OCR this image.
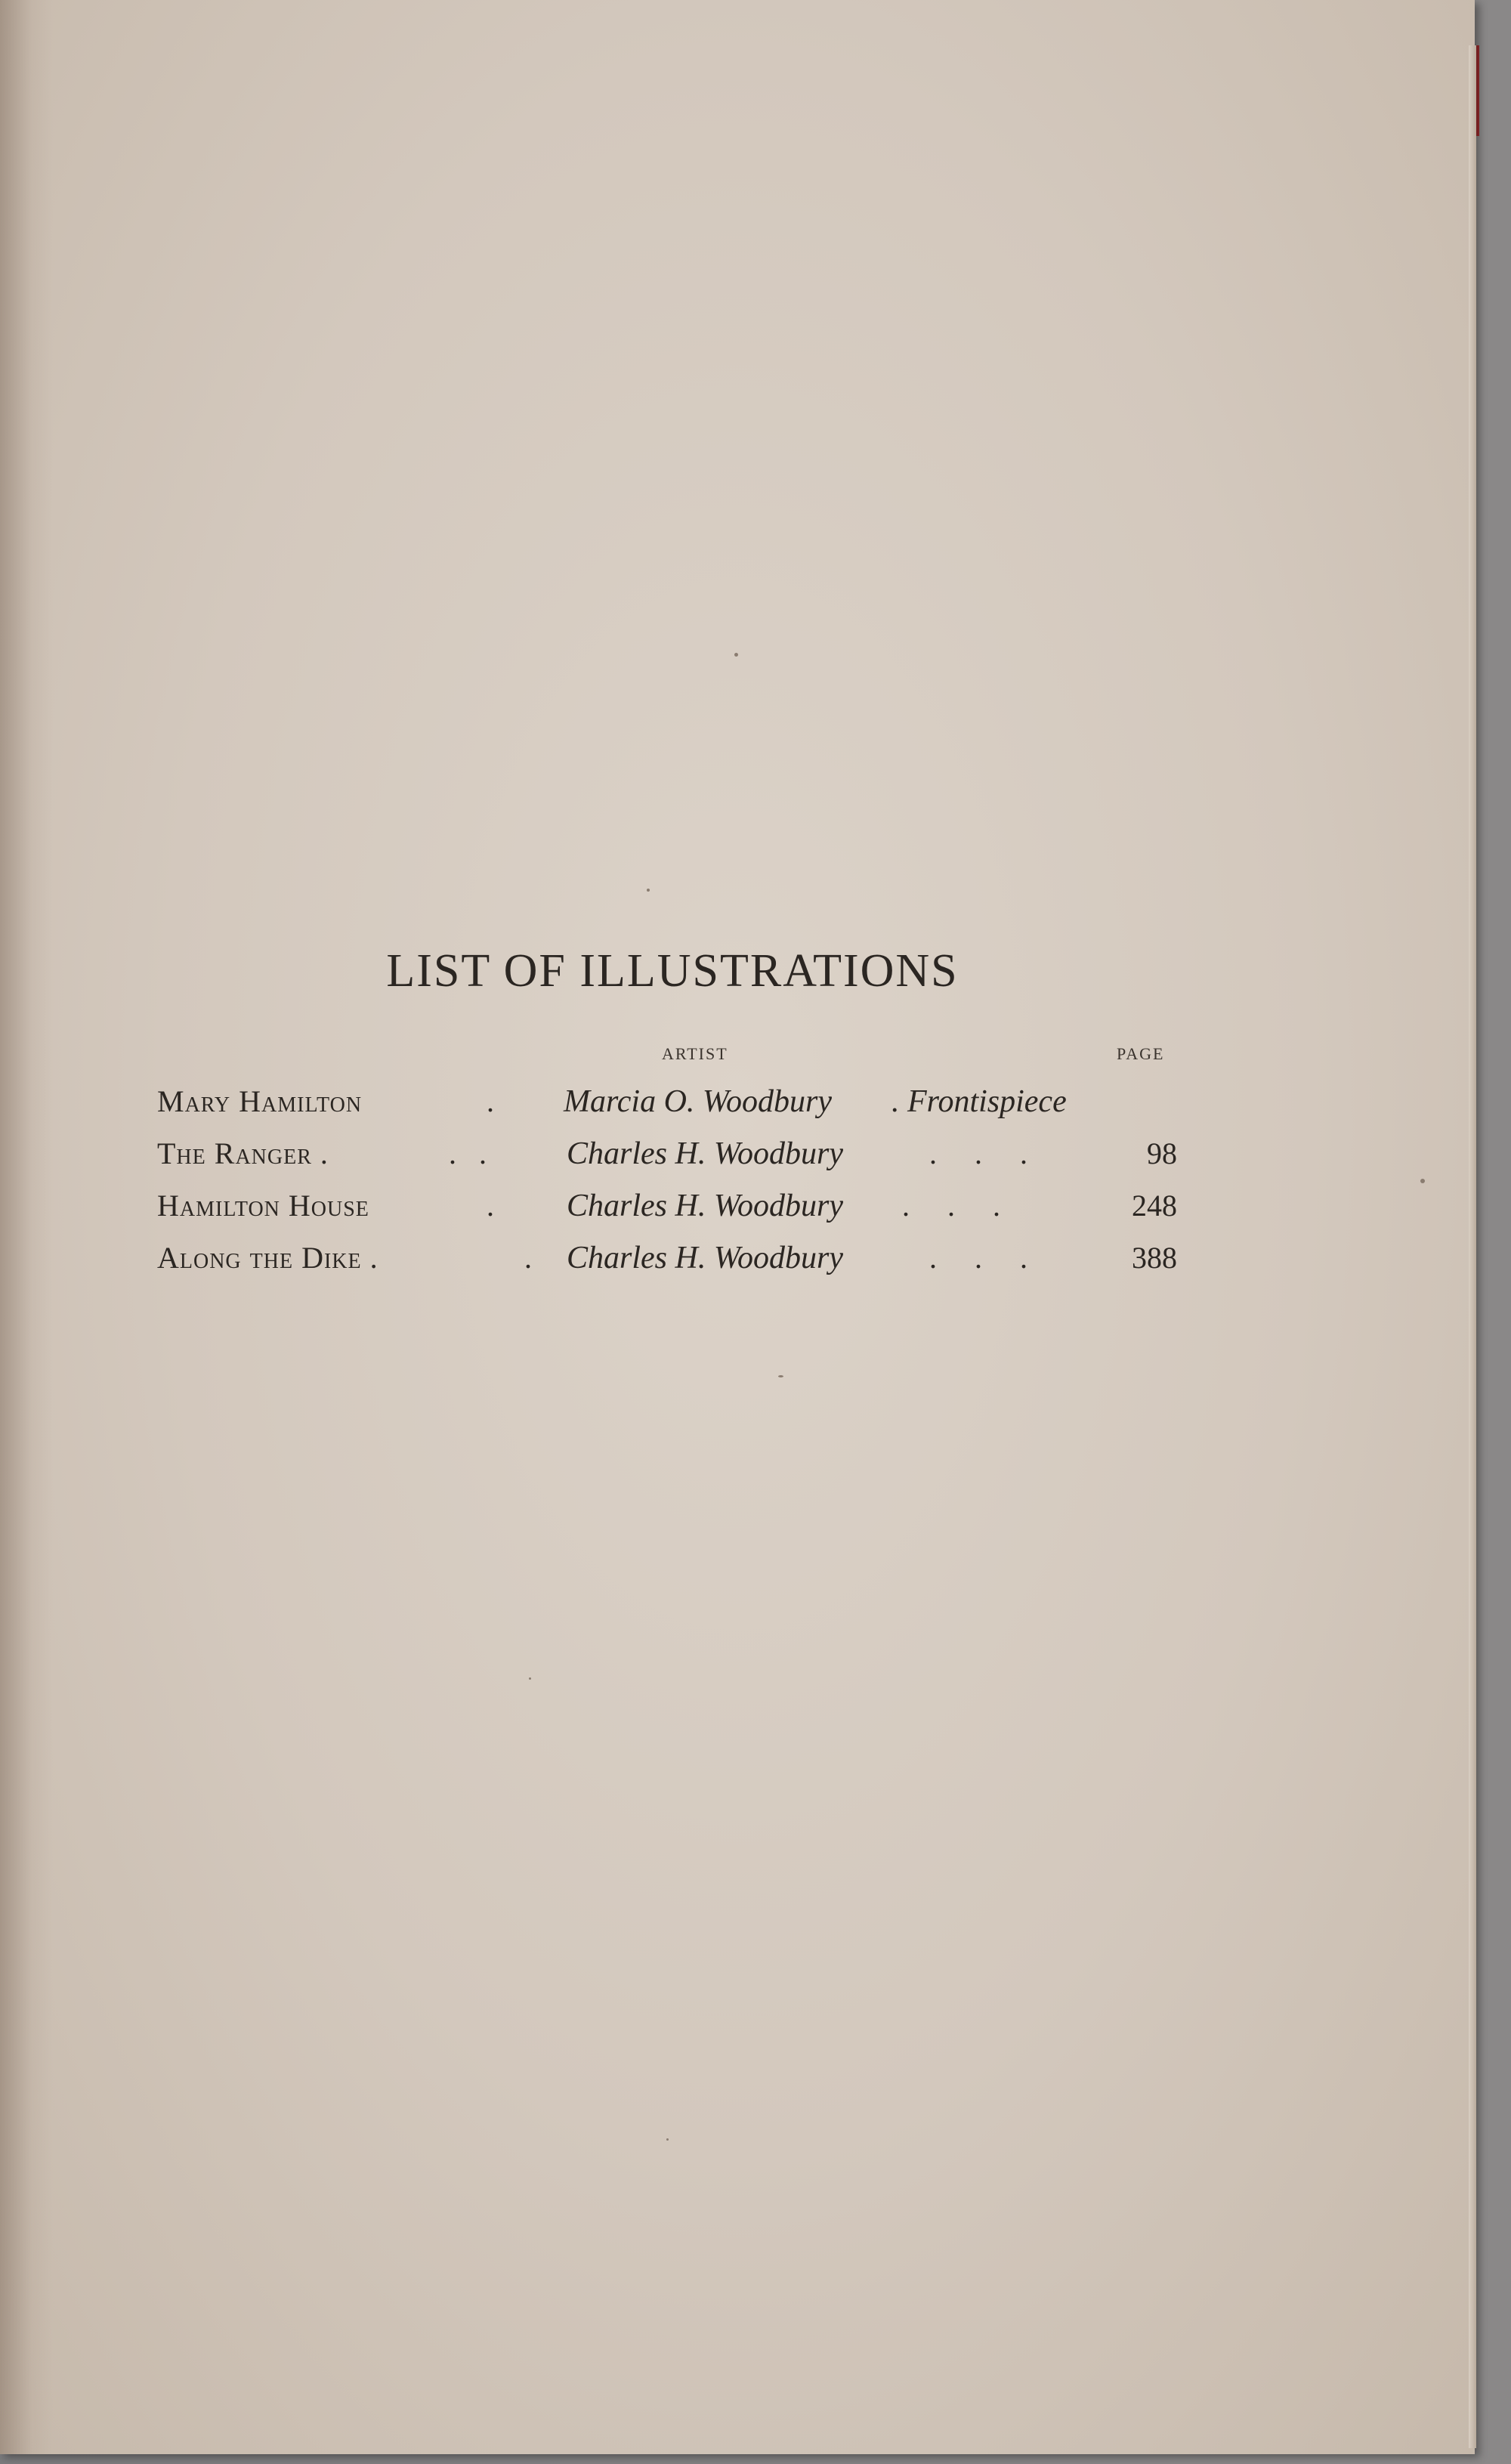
LIST OF ILLUSTRATIONS
ARTIST	PAGE
Mary Hamilton	. Marcia O. Woodbury . Frontispiece
The Ranger .	.   .	Charles H. Woodbury	.     .     .	98
Hamilton House	. Charles H. Woodbury .     .     .	248
Along the Dike .	. Charles H. Woodbury	.     .     .	388
